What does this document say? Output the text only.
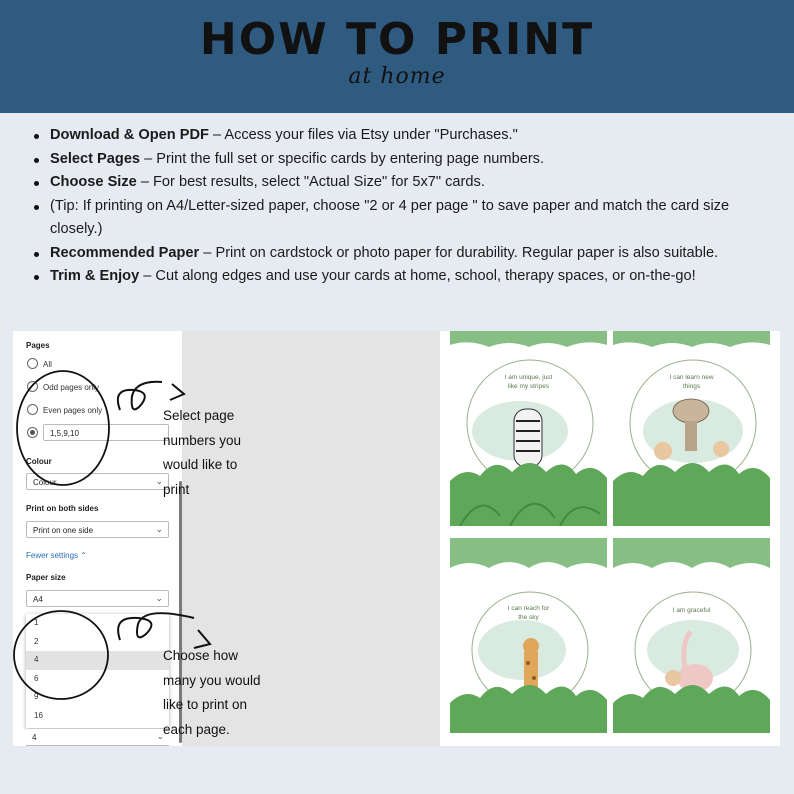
HOW TO PRINT
at home
Download & Open PDF – Access your files via Etsy under "Purchases."
Select Pages – Print the full set or specific cards by entering page numbers.
Choose Size – For best results, select "Actual Size" for 5x7" cards.
(Tip: If printing on A4/Letter-sized paper, choose "2 or 4 per page " to save paper and match the card size closely.)
Recommended Paper – Print on cardstock or photo paper for durability. Regular paper is also suitable.
Trim & Enjoy – Cut along edges and use your cards at home, school, therapy spaces, or on-the-go!
Pages
All
Odd pages only
Even pages only
1,5,9,10
Colour
Colour	⌄
Print on both sides
Print on one side	⌄
Fewer settings ⌃
Paper size
A4	⌄
1
2
4
6
9
16
4	⌄
I am unique, just
like my stripes
I can learn new
things
I can reach for
the sky
I am graceful
Select page
numbers you
would like to
print
Choose how
many you would
like to print on
each page.
